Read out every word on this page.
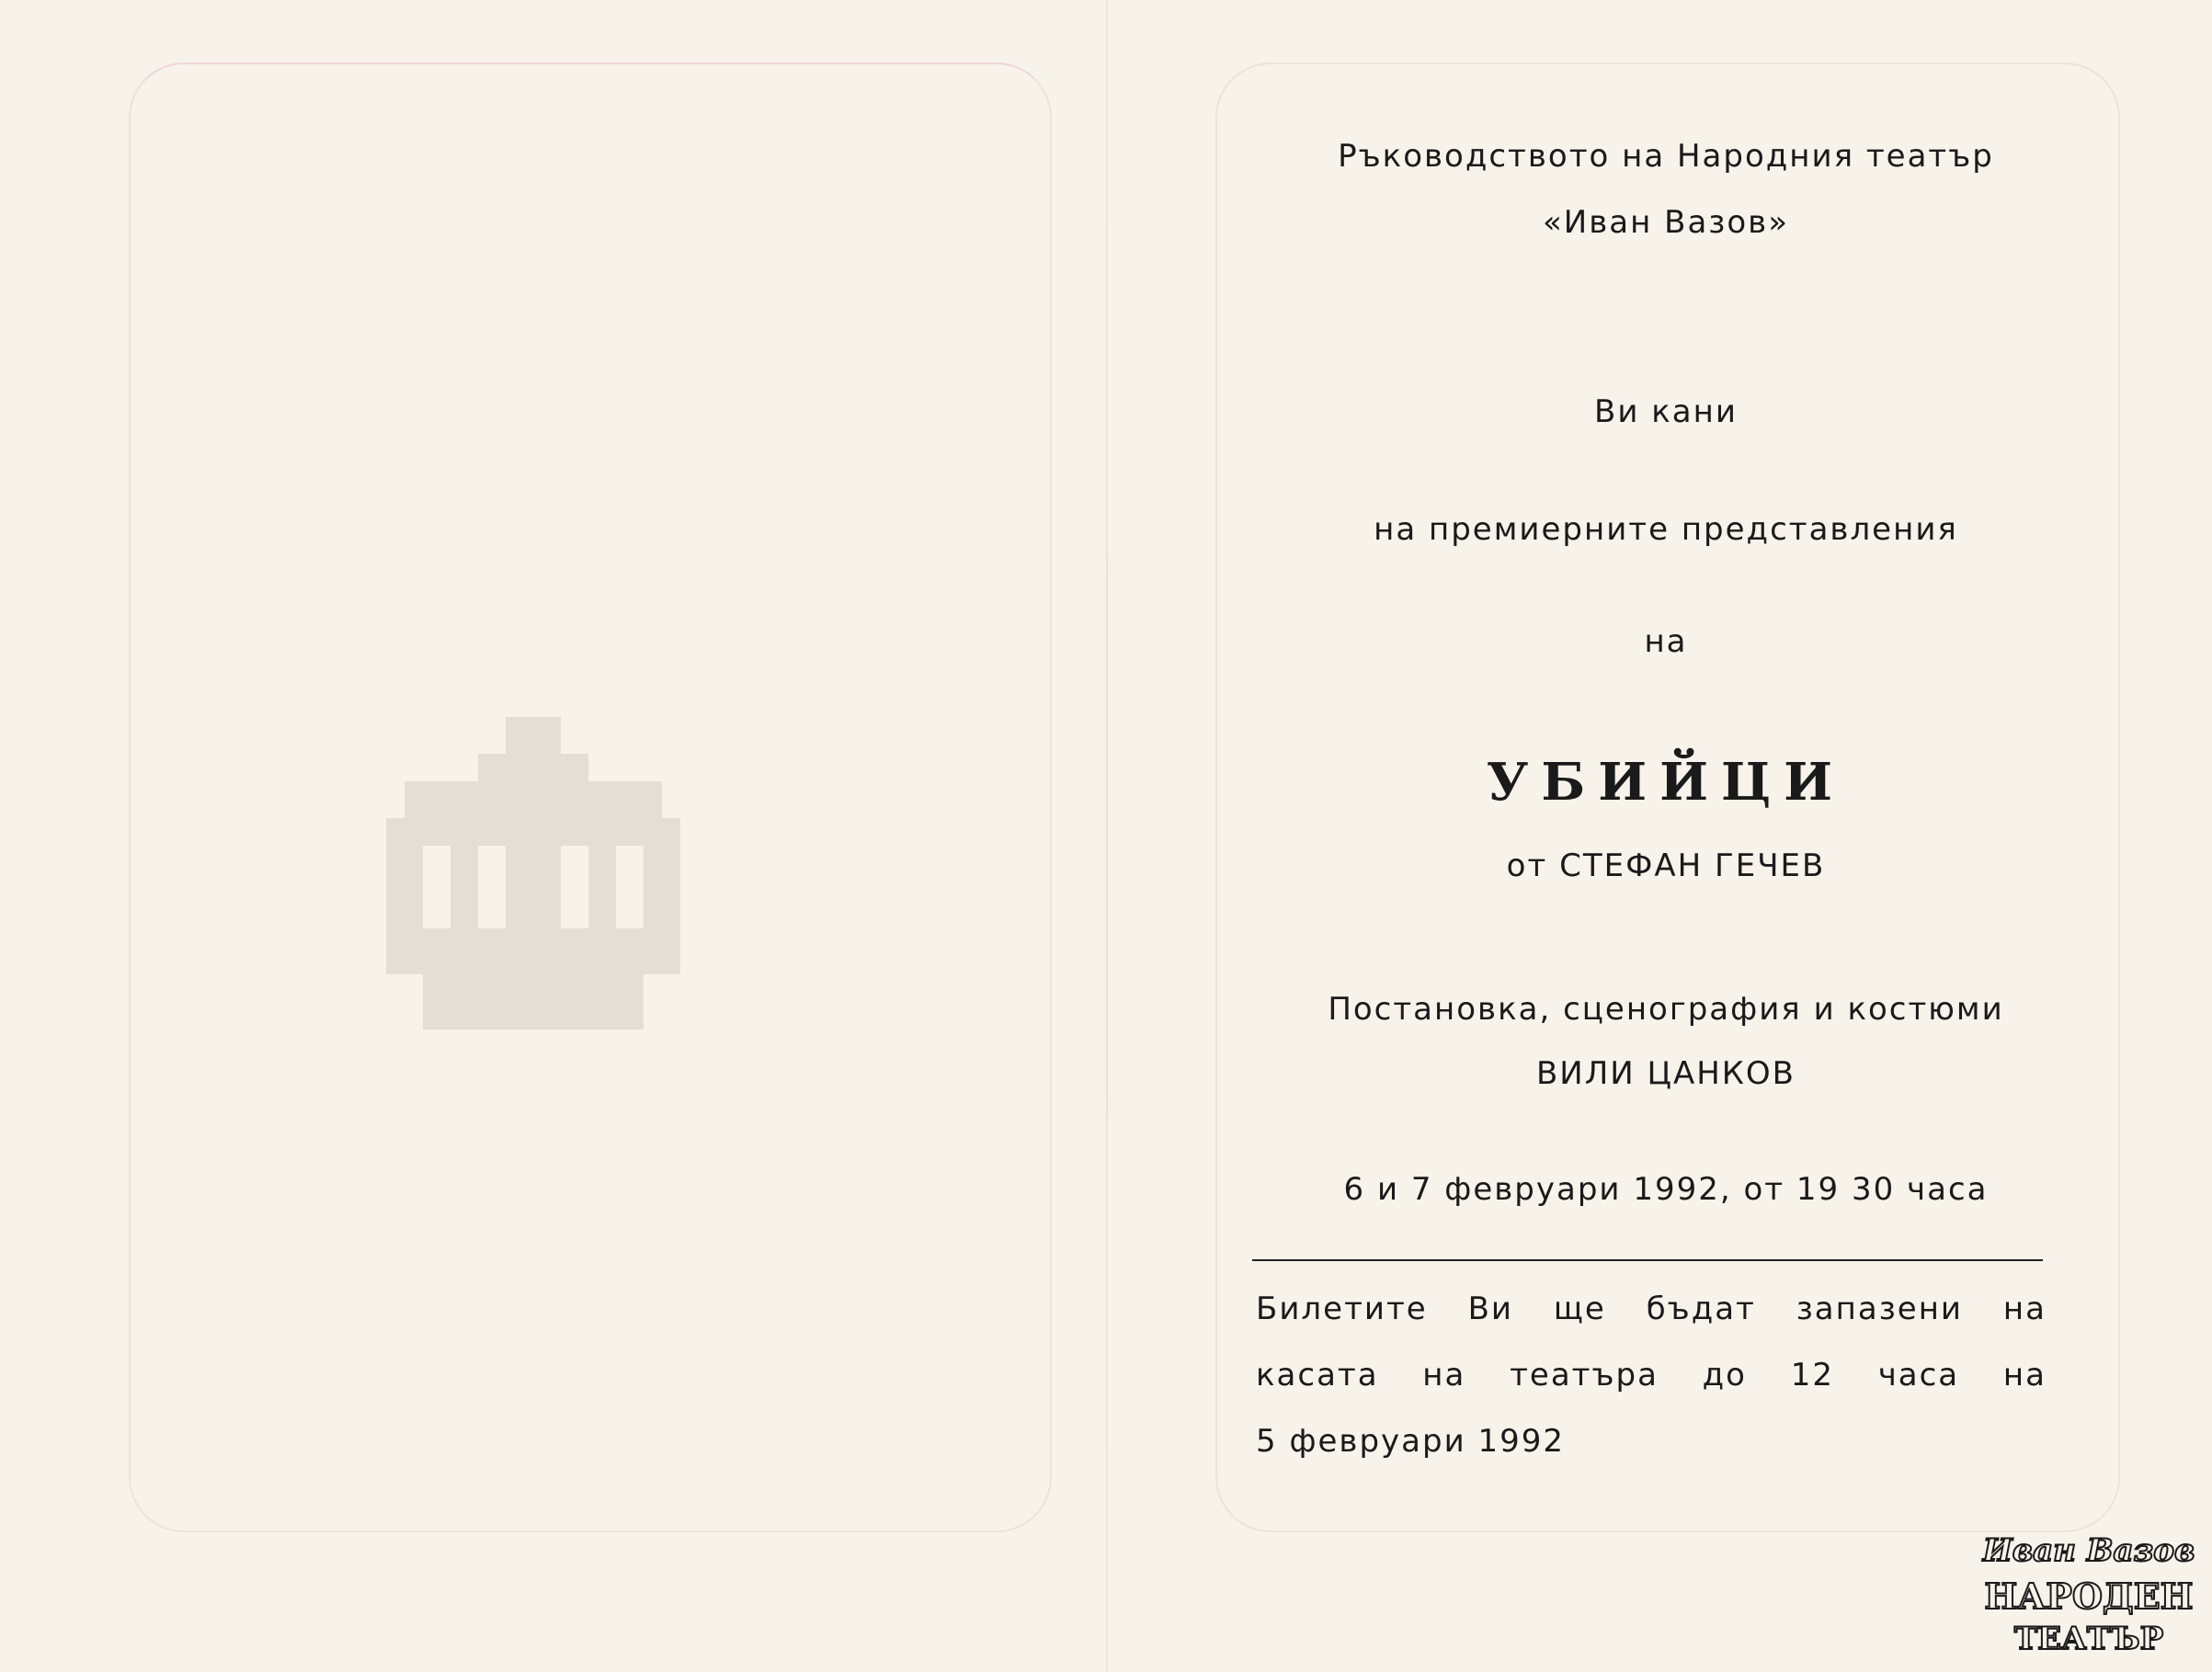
Ръководството на Народния театър
«Иван Вазов»
Ви кани
на премиерните представления
на
УБИЙЦИ
от СТЕФАН ГЕЧЕВ
Постановка, сценография и костюми
ВИЛИ ЦАНКОВ
6 и 7 февруари 1992, от 19 30 часа
Билетите Ви ще бъдат запазени на
касата на театъра до 12 часа на
5 февруари 1992
Иван Вазов
НАРОДЕН
ТЕАТЪР
